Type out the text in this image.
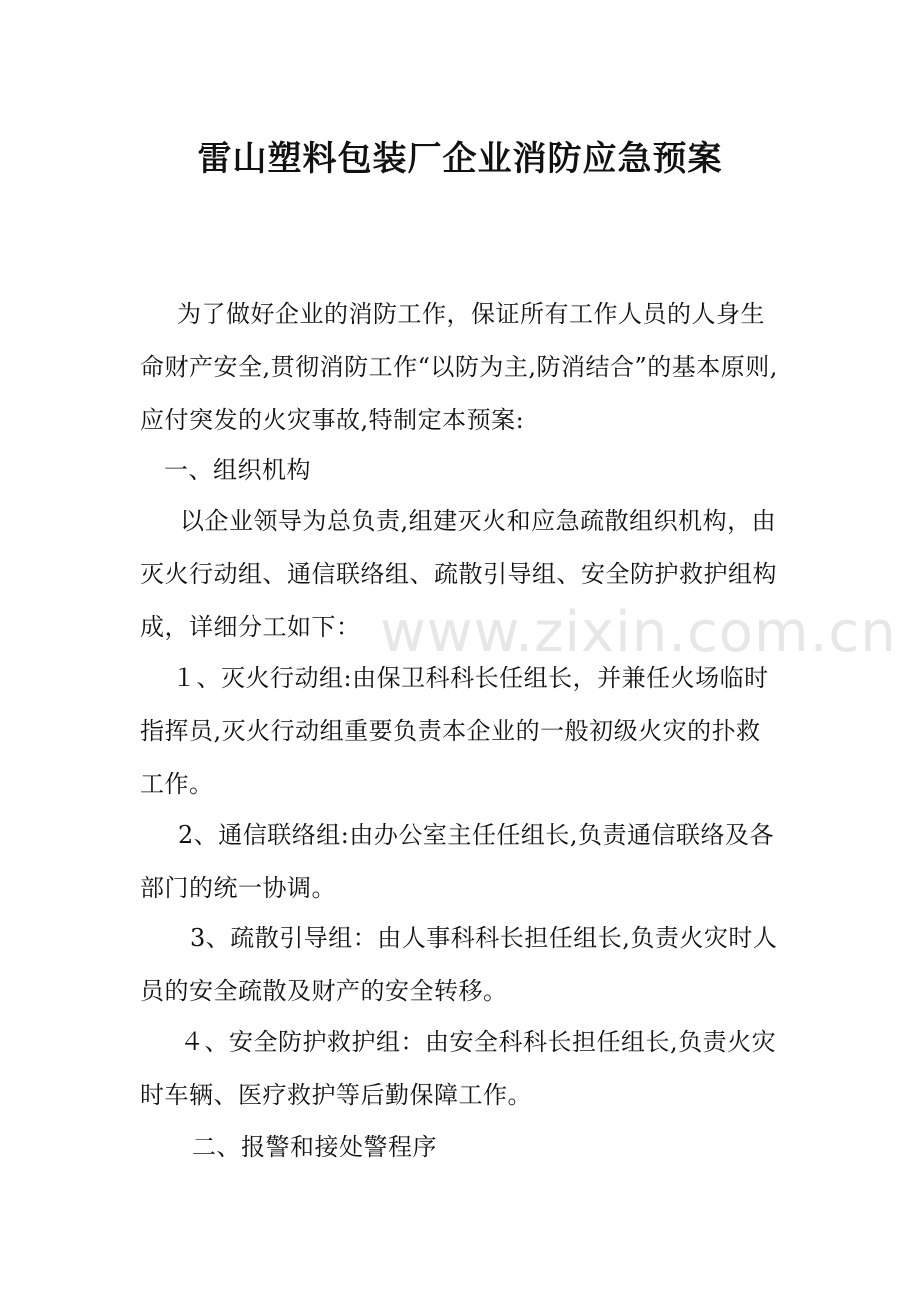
雷山塑料包装厂企业消防应急预案

为了做好企业的消防工作，保证所有工作人员的人身生命财产安全,贯彻消防工作“以防为主,防消结合”的基本原则,应付突发的火灾事故,特制定本预案:

一、组织机构

以企业领导为总负责,组建灭火和应急疏散组织机构，由灭火行动组、通信联络组、疏散引导组、安全防护救护组构成，详细分工如下：

１、灭火行动组:由保卫科科长任组长，并兼任火场临时指挥员,灭火行动组重要负责本企业的一般初级火灾的扑救工作。

2、通信联络组:由办公室主任任组长,负责通信联络及各部门的统一协调。

3、疏散引导组：由人事科科长担任组长,负责火灾时人员的安全疏散及财产的安全转移。

４、安全防护救护组：由安全科科长担任组长,负责火灾时车辆、医疗救护等后勤保障工作。

二、报警和接处警程序

www.zixin.com.cn
